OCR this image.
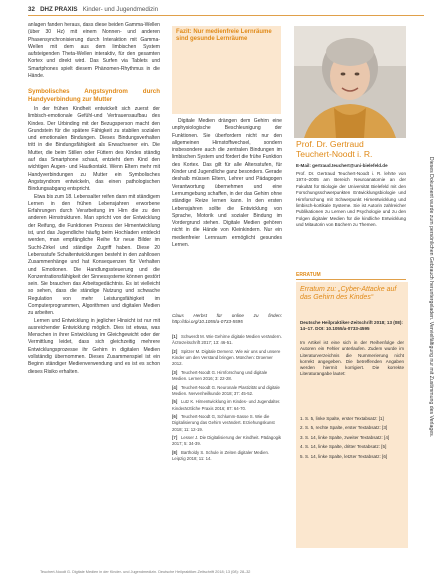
32 DHZ PRAXIS Kinder- und Jugendmedizin

anlagen fanden heraus, dass diese beiden Gamma-Wellen (über 30 Hz) mit einem Nonnen- und anderen Phasensynchronisierung durch Interaktion mit Gamma-Wellen mit dem aus dem limbischen System aufsteigenden Theta-Wellen interaktiv, für den gesamten Kortex und direkt wird. Das Surfen via Tablets und Smartphones spielt diesem Phänomen-Rhythmus in die Hände.

Symbolisches Angstsyndrom durch Handyverbindung zur Mutter

In der frühen Kindheit entwickelt sich zuerst der limbisch-emotionale Gefühl-und Vertrauensaufbau des Kindes. Der Urbinding mit der Bezugsperson macht den Grundstein für die spätere Fähigkeit zu stabilen sozialen und emotionalen Bindungen. Dieses Bindungsverhalten tritt in die Bindungsfähigkeit als Erwachsener ein. Die Mutter, die beim Stillen oder Füttern des Kindes ständig auf das Smartphone schaut, entzieht dem Kind den wichtigen Augen- und Hautkontakt. Wenn Eltern mehr mit Handyverbindungen zu Mutter ein Symbolisches Angstsyndrom entwickeln, das einen pathologischen Bindungsabgang entspricht.

Etwa bis zum 18. Lebensalter reifen dann mit ständigem Lernen in den frühen Lebensjahren erworbene Erfahrungen durch Verarbeitung im Hirn die zu den anderen Hirnstrukturen. Man spricht von der Entwicklung der Reifung, die Funktionen Prozess der Hirnentwicklung ist, und das Jugendliche häufig beim Hochladen entdeckt werden, man empfängliche Reihe für neue Bilder im Sucht-Zirkel und ständige Zugriff haben. Diese 20 Lebensstufe Schaltentwicklungen besteht in den zahllosen Zusammenhänge und hat Konsequenzen für Verhalten und Emotionen. Die Handlungssteuerung und die Konzentrationsfähigkeit der Sinnessysteme können gestört sein. Sie brauchen das Arbeitsgedächtnis. Es ist vielleicht so sehen, dass die ständige Nutzung und schwache Regulation von mehr Leistungsfähigkeit im Computerprogrammen, Algorithmen und digitalen Medien zu arbeiten.

Lernen und Entwicklung in jeglicher Hinsicht ist nur mit ausreichender Entwicklung möglich. Dies ist etwas, was Menschen in ihrer Entwicklung im Gleichgewicht oder der Vermittlung leidet, dass sich gleichzeitig mehrere Entwicklungsprozesse ihr Gehirn in digitalen Medien vollständig übernommen. Dieses Zusammenspiel ist ein Beginn ständiger Medienverwendung und es ist es schon dieses Risiko erhalten.

Fazit: Nur medienfreie Lernräume sind gesunde Lernräume

Digitale Medien drängen dem Gehirn eine unphysiologische Beschleunigung der Funktionen. Sie überfordern nicht nur den allgemeinen Hirnstoffwechsel, sondern insbesondere auch die zentralen Bindungen im limbischen System und fördert die frühe Funktion des Kortex. Das gilt für alle Altersstufen, für Kinder und Jugendliche ganz besonders. Gerade deshalb müssen Eltern, Lehrer und Pädagogen Verantwortung übernehmen und eine Lernumgebung schaffen, in der das Gehirn ohne ständige Reize lernen kann. In den ersten Lebensjahren sollte die Entwicklung von Sprache, Motorik und sozialer Bindung im Vordergrund stehen. Digitale Medien gehören nicht in die Hände von Kleinkindern. Nur ein medienfreier Lernraum ermöglicht gesundes Lernen.

Claus Herbst für online zu finden: http://doi.org/10.1055/a-0733-5595

[1] Schwerdt M. Wie Gehirne digitale Medien verändern. Ärztezeitschrift 2017; 13: 46-51.
[2] Spitzer M. Digitale Demenz. Wie wir uns und unsere Kinder um den Verstand bringen. München: Droemer 2012.
[3] Teuchert-Noodt G. Hirnforschung und digitale Medien. Lernen 2016; 3: 22-28.
[4] Teuchert-Noodt G. Neuronale Plastizität und digitale Medien. Nervenheilkunde 2018; 37: 45-52.
[5] Lutz K. Hirnentwicklung im Kindes- und Jugendalter. Kinderärztliche Praxis 2016; 87: 64-70.
[6] Teuchert-Noodt G, Schlumm-Sasse S. Wie die Digitalisierung das Gehirn verändert. Erziehungskunst 2018; 11: 12-19.
[7] Lesser J. Die Digitalisierung der Kindheit. Pädagogik 2017; 5: 34-39.
[8] Bartholdy S. Schule in Zeiten digitaler Medien. Leipzig 2018; 11: 14.
Prof. Dr. Gertraud
Teuchert-Noodt i. R.
E-Mail: gertraud.teuchert@uni-bielefeld.de

Prof. Dr. Gertraud Teuchert-Noodt i. R. lehrte von 1974–2005 am Bereich Neuroanatomie an der Fakultät für Biologie der Universität Bielefeld mit den Forschungsschwerpunkten Entwicklungsbiologie und Hirnforschung mit Schwerpunkt Hirnentwicklung und limbisch-kortikale Systeme. Sie ist Autorin zahlreicher Publikationen zu Lernen und Psychologie und zu den Folgen digitaler Medien für die kindliche Entwicklung und Mitautorin von Büchern zu Themen.

ERRATUM
Erratum zu: „Cyber-Attacke auf das Gehirn des Kindes“
Deutsche Heilpraktiker-Zeitschrift 2018; 13 (08): 14–17. DOI: 10.1055/a-0733-4595
Im Artikel ist eine sich in der Reihenfolge der Autoren ein Fehler unterlaufen. Zudem wurde im Literaturverzeichnis die Nummerierung nicht korrekt angegeben. Die betreffenden Angaben werden hiermit korrigiert. Die korrekte Literaturangabe lautet:
1. S. 5, linke Spalte, erster Textabsatz: [1]
2. S. 5, rechte Spalte, erster Textabsatz: [3]
3. S. 14, linke Spalte, zweiter Textabsatz: [4]
4. S. 14, linke Spalte, dritter Textabsatz: [5]
5. S. 14, linke Spalte, letzter Textabsatz: [6]
Dieses Dokument wurde zum persönlichen Gebrauch heruntergeladen. Vervielfältigung nur mit Zustimmung des Verlages.
Teuchert-Noodt G. Digitale Medien in der Kinder- und Jugendmedizin. Deutsche Heilpraktiker-Zeitschrift 2018; 13 (08): 28–32
